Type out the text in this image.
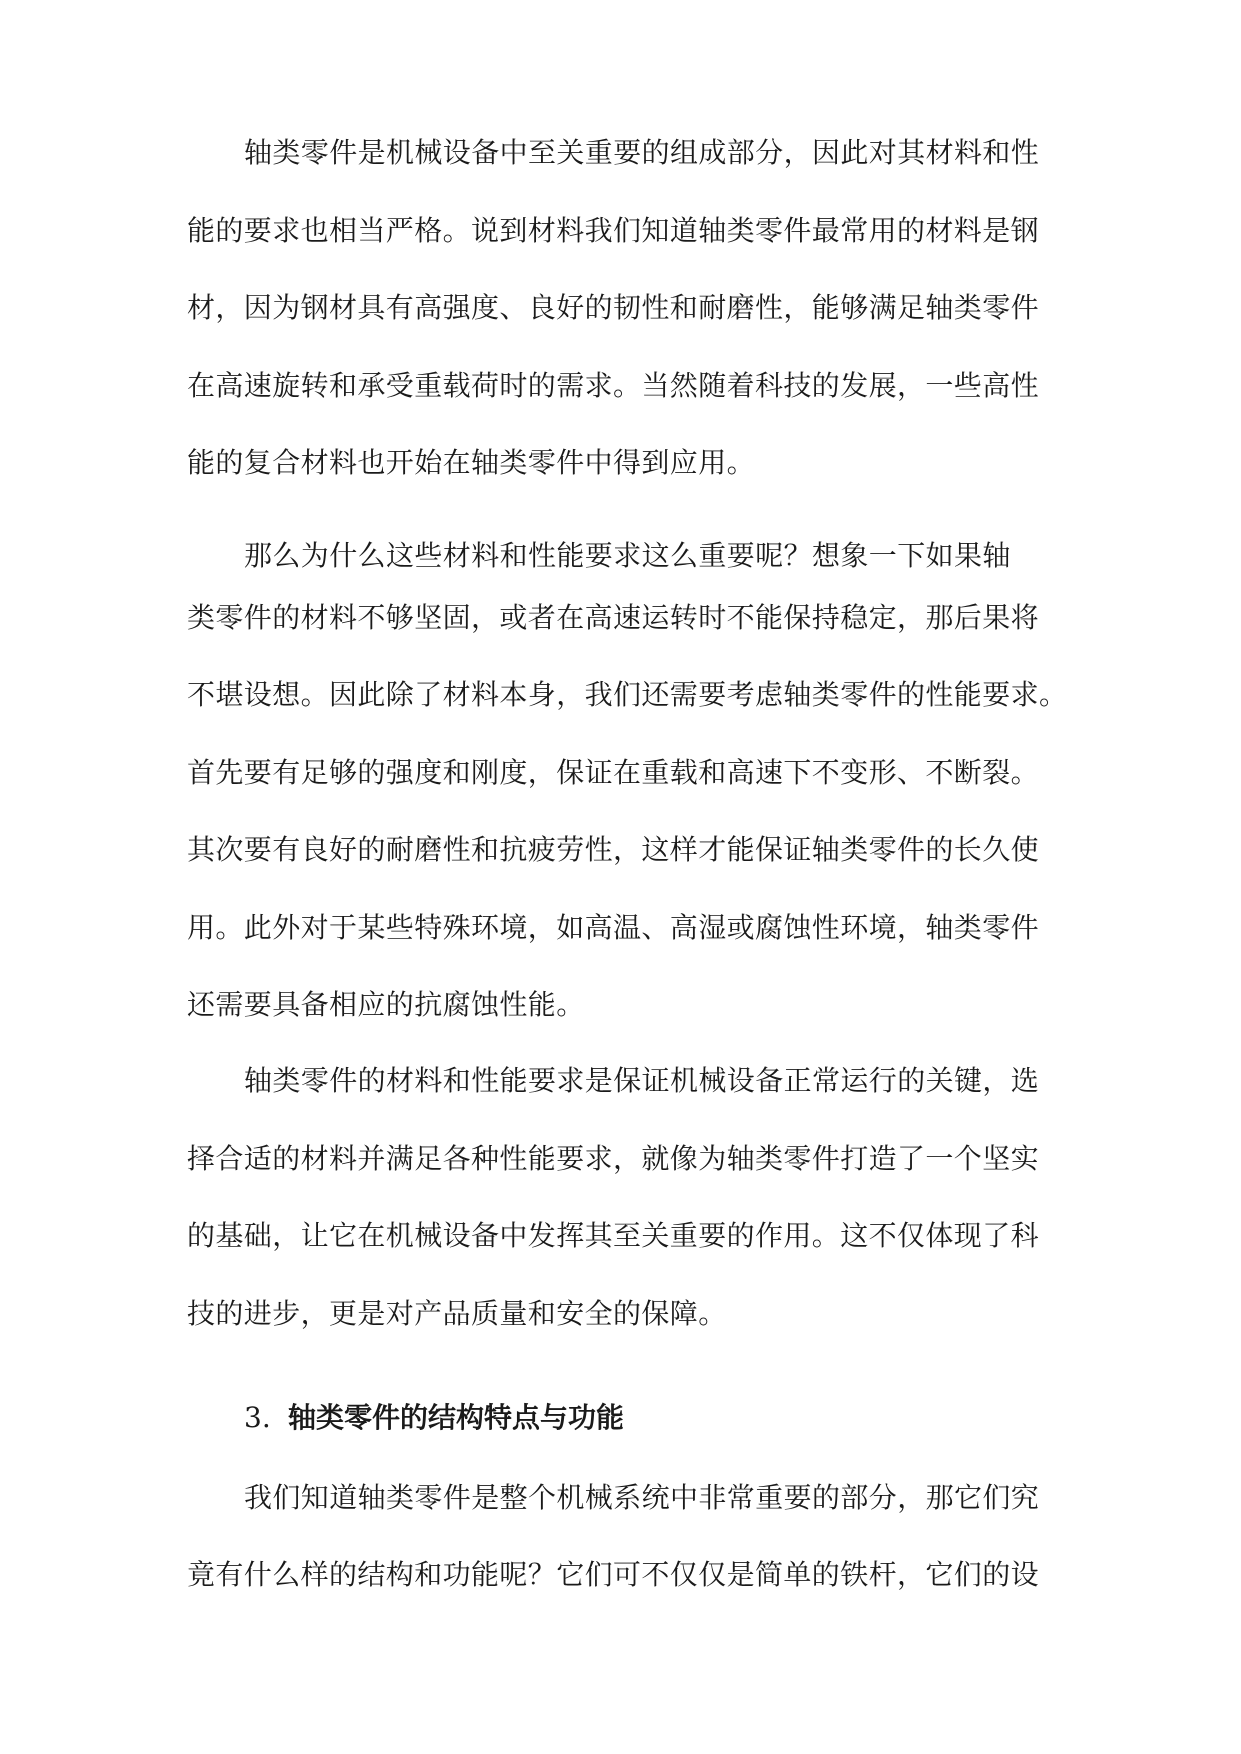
轴类零件是机械设备中至关重要的组成部分，因此对其材料和性
能的要求也相当严格。说到材料我们知道轴类零件最常用的材料是钢
材，因为钢材具有高强度、良好的韧性和耐磨性，能够满足轴类零件
在高速旋转和承受重载荷时的需求。当然随着科技的发展，一些高性
能的复合材料也开始在轴类零件中得到应用。
那么为什么这些材料和性能要求这么重要呢？想象一下如果轴
类零件的材料不够坚固，或者在高速运转时不能保持稳定，那后果将
不堪设想。因此除了材料本身，我们还需要考虑轴类零件的性能要求。
首先要有足够的强度和刚度，保证在重载和高速下不变形、不断裂。
其次要有良好的耐磨性和抗疲劳性，这样才能保证轴类零件的长久使
用。此外对于某些特殊环境，如高温、高湿或腐蚀性环境，轴类零件
还需要具备相应的抗腐蚀性能。
轴类零件的材料和性能要求是保证机械设备正常运行的关键，选
择合适的材料并满足各种性能要求，就像为轴类零件打造了一个坚实
的基础，让它在机械设备中发挥其至关重要的作用。这不仅体现了科
技的进步，更是对产品质量和安全的保障。
3. 轴类零件的结构特点与功能
我们知道轴类零件是整个机械系统中非常重要的部分，那它们究
竟有什么样的结构和功能呢？它们可不仅仅是简单的铁杆，它们的设
